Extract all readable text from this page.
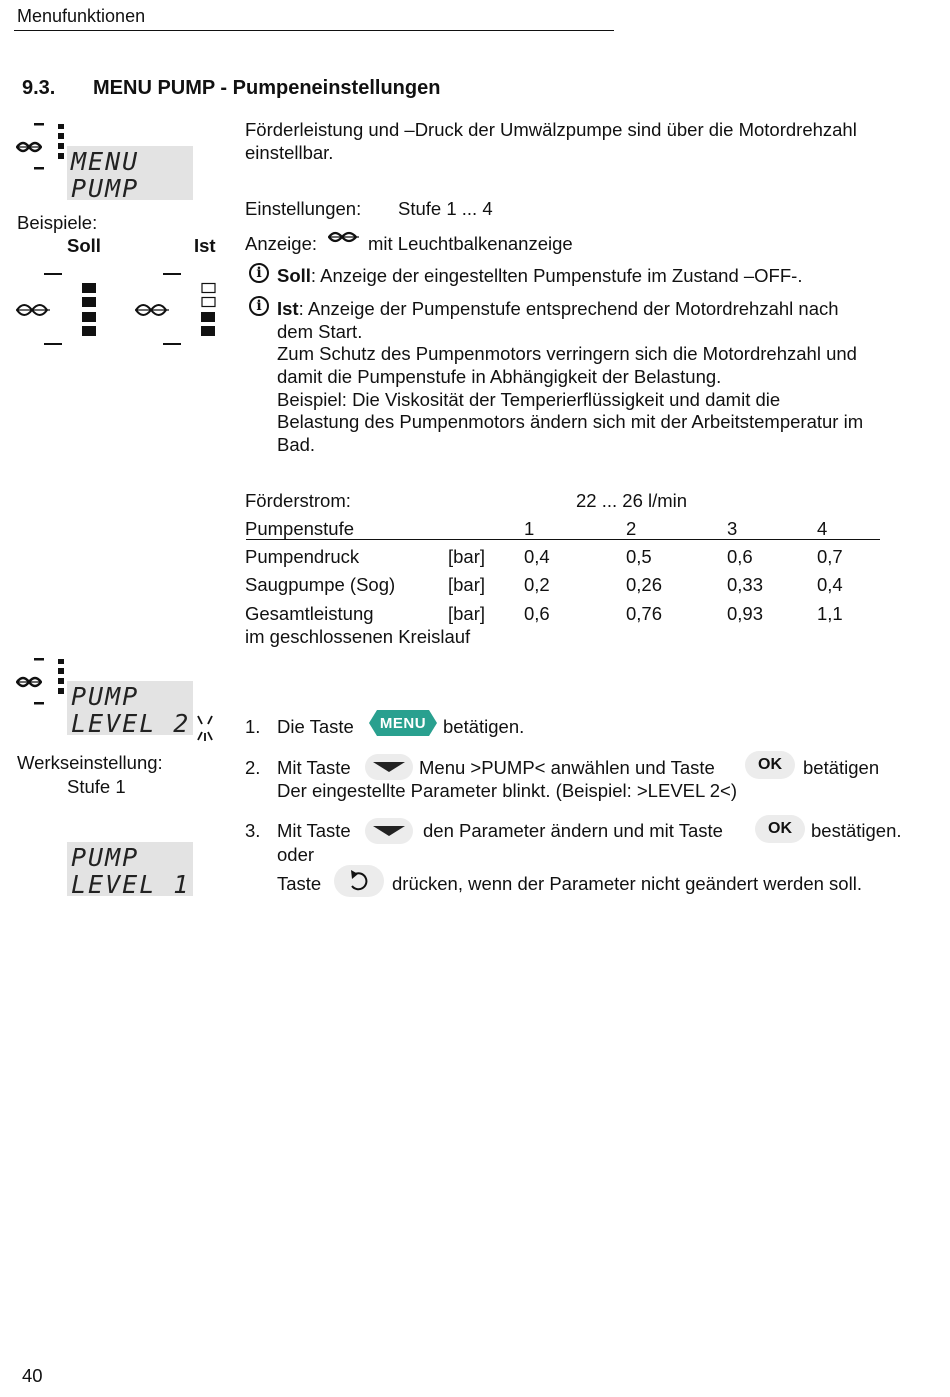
Menufunktionen
9.3. MENU PUMP - Pumpeneinstellungen
MENU
PUMP
Beispiele:
Soll	Ist
Förderleistung und –Druck der Umwälzpumpe sind über die Motordrehzahl
einstellbar.
Einstellungen: Stufe 1 ... 4
Anzeige:	mit Leuchtbalkenanzeige
i Soll: Anzeige der eingestellten Pumpenstufe im Zustand –OFF-.
i Ist: Anzeige der Pumpenstufe entsprechend der Motordrehzahl nach
dem Start.
Zum Schutz des Pumpenmotors verringern sich die Motordrehzahl und
damit die Pumpenstufe in Abhängigkeit der Belastung.
Beispiel: Die Viskosität der Temperierflüssigkeit und damit die
Belastung des Pumpenmotors ändern sich mit der Arbeitstemperatur im
Bad.
Förderstrom:	22 ... 26 l/min
Pumpenstufe	1	2	3	4
Pumpendruck	[bar] 0,4	0,5	0,6	0,7
Saugpumpe (Sog)	[bar] 0,2	0,26	0,33	0,4
Gesamtleistung	[bar] 0,6	0,76	0,93	1,1
im geschlossenen Kreislauf
PUMP
LEVEL 2
Werkseinstellung:
Stufe 1
PUMP
LEVEL 1
1. Die Taste MENU betätigen.
2. Mit Taste	Menu >PUMP< anwählen und Taste	OK betätigen
Der eingestellte Parameter blinkt. (Beispiel: >LEVEL 2<)
3. Mit Taste	den Parameter ändern und mit Taste	OK bestätigen.
oder
Taste	drücken, wenn der Parameter nicht geändert werden soll.
40
